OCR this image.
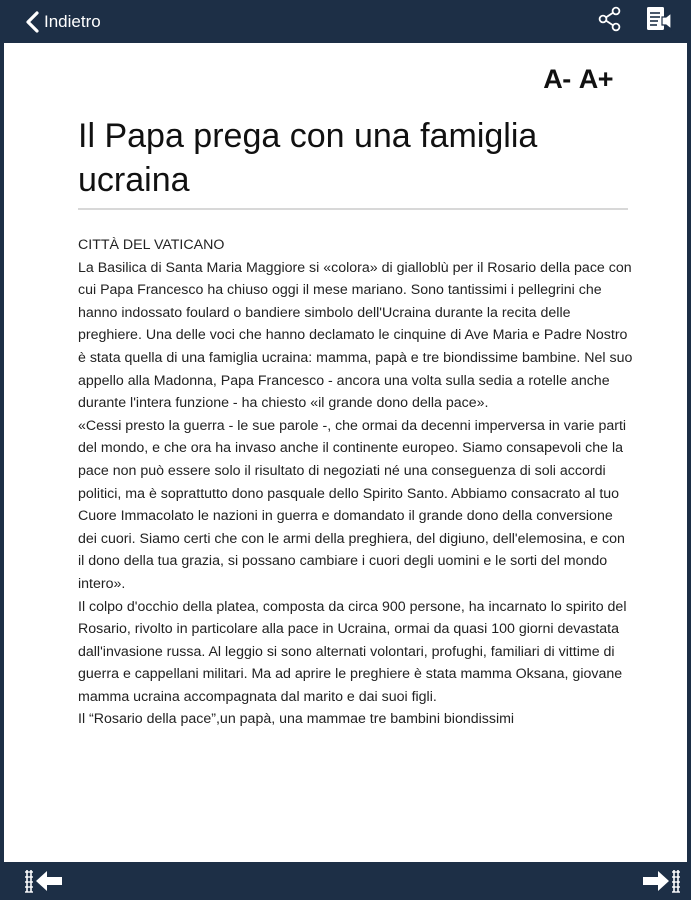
Indietro
A- A+
Il Papa prega con una famiglia ucraina

CITTÀ DEL VATICANO

La Basilica di Santa Maria Maggiore si «colora» di gialloblù per il Rosario della pace con cui Papa Francesco ha chiuso oggi il mese mariano. Sono tantissimi i pellegrini che hanno indossato foulard o bandiere simbolo dell'Ucraina durante la recita delle preghiere. Una delle voci che hanno declamato le cinquine di Ave Maria e Padre Nostro è stata quella di una famiglia ucraina: mamma, papà e tre biondissime bambine. Nel suo appello alla Madonna, Papa Francesco - ancora una volta sulla sedia a rotelle anche durante l'intera funzione - ha chiesto «il grande dono della pace».

«Cessi presto la guerra - le sue parole -, che ormai da decenni imperversa in varie parti del mondo, e che ora ha invaso anche il continente europeo. Siamo consapevoli che la pace non può essere solo il risultato di negoziati né una conseguenza di soli accordi politici, ma è soprattutto dono pasquale dello Spirito Santo. Abbiamo consacrato al tuo Cuore Immacolato le nazioni in guerra e domandato il grande dono della conversione dei cuori. Siamo certi che con le armi della preghiera, del digiuno, dell'elemosina, e con il dono della tua grazia, si possano cambiare i cuori degli uomini e le sorti del mondo intero».

Il colpo d'occhio della platea, composta da circa 900 persone, ha incarnato lo spirito del Rosario, rivolto in particolare alla pace in Ucraina, ormai da quasi 100 giorni devastata dall'invasione russa. Al leggio si sono alternati volontari, profughi, familiari di vittime di guerra e cappellani militari. Ma ad aprire le preghiere è stata mamma Oksana, giovane mamma ucraina accompagnata dal marito e dai suoi figli.

Il “Rosario della pace”,un papà, una mammae tre bambini biondissimi
